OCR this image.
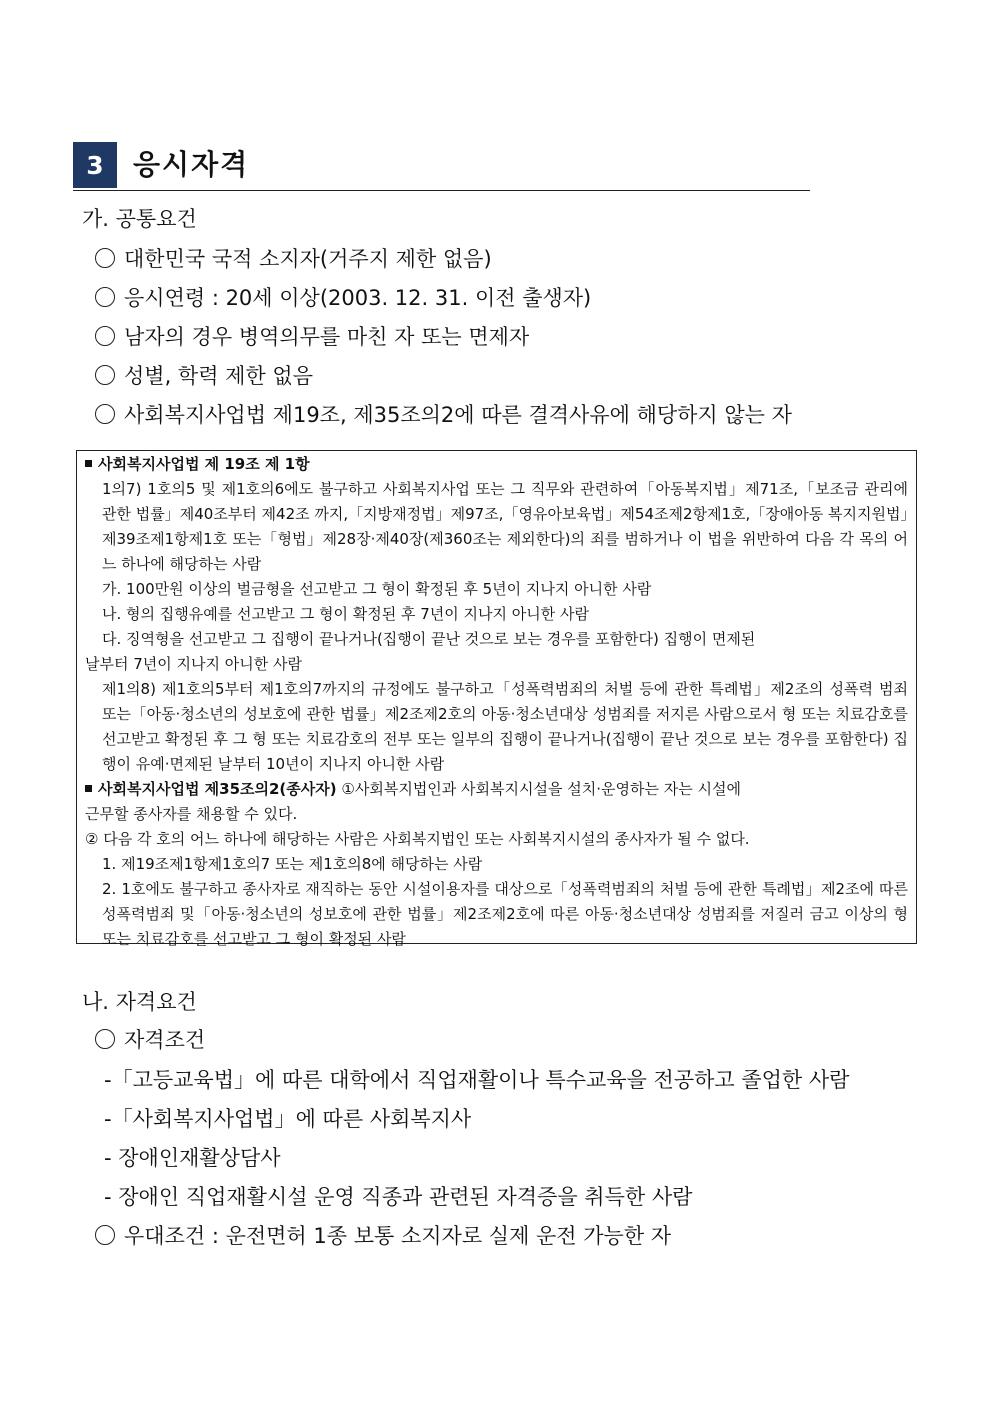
3	응시자격
가. 공통요건
대한민국 국적 소지자(거주지 제한 없음)
응시연령 : 20세 이상(2003. 12. 31. 이전 출생자)
남자의 경우 병역의무를 마친 자 또는 면제자
성별, 학력 제한 없음
사회복지사업법 제19조, 제35조의2에 따른 결격사유에 해당하지 않는 자

사회복지사업법 제 19조 제 1항

1의7) 1호의5 및 제1호의6에도 불구하고 사회복지사업 또는 그 직무와 관련하여「아동복지법」제71조,「보조금 관리에 관한 법률」제40조부터 제42조 까지,「지방재정법」제97조,「영유아보육법」제54조제2항제1호,「장애아동 복지지원법」제39조제1항제1호 또는「형법」제28장·제40장(제360조는 제외한다)의 죄를 범하거나 이 법을 위반하여 다음 각 목의 어느 하나에 해당하는 사람

가. 100만원 이상의 벌금형을 선고받고 그 형이 확정된 후 5년이 지나지 아니한 사람

나. 형의 집행유예를 선고받고 그 형이 확정된 후 7년이 지나지 아니한 사람

다. 징역형을 선고받고 그 집행이 끝나거나(집행이 끝난 것으로 보는 경우를 포함한다) 집행이 면제된

날부터 7년이 지나지 아니한 사람

제1의8) 제1호의5부터 제1호의7까지의 규정에도 불구하고「성폭력범죄의 처벌 등에 관한 특례법」제2조의 성폭력 범죄 또는「아동·청소년의 성보호에 관한 법률」제2조제2호의 아동·청소년대상 성범죄를 저지른 사람으로서 형 또는 치료감호를 선고받고 확정된 후 그 형 또는 치료감호의 전부 또는 일부의 집행이 끝나거나(집행이 끝난 것으로 보는 경우를 포함한다) 집행이 유예·면제된 날부터 10년이 지나지 아니한 사람

사회복지사업법 제35조의2(종사자) ①사회복지법인과 사회복지시설을 설치·운영하는 자는 시설에

근무할 종사자를 채용할 수 있다.

② 다음 각 호의 어느 하나에 해당하는 사람은 사회복지법인 또는 사회복지시설의 종사자가 될 수 없다.

1. 제19조제1항제1호의7 또는 제1호의8에 해당하는 사람

2. 1호에도 불구하고 종사자로 재직하는 동안 시설이용자를 대상으로「성폭력범죄의 처벌 등에 관한 특례법」제2조에 따른 성폭력범죄 및「아동·청소년의 성보호에 관한 법률」제2조제2호에 따른 아동·청소년대상 성범죄를 저질러 금고 이상의 형 또는 치료감호를 선고받고 그 형이 확정된 사람

나. 자격요건
자격조건
-「고등교육법」에 따른 대학에서 직업재활이나 특수교육을 전공하고 졸업한 사람
-「사회복지사업법」에 따른 사회복지사
- 장애인재활상담사
- 장애인 직업재활시설 운영 직종과 관련된 자격증을 취득한 사람
우대조건 : 운전면허 1종 보통 소지자로 실제 운전 가능한 자
